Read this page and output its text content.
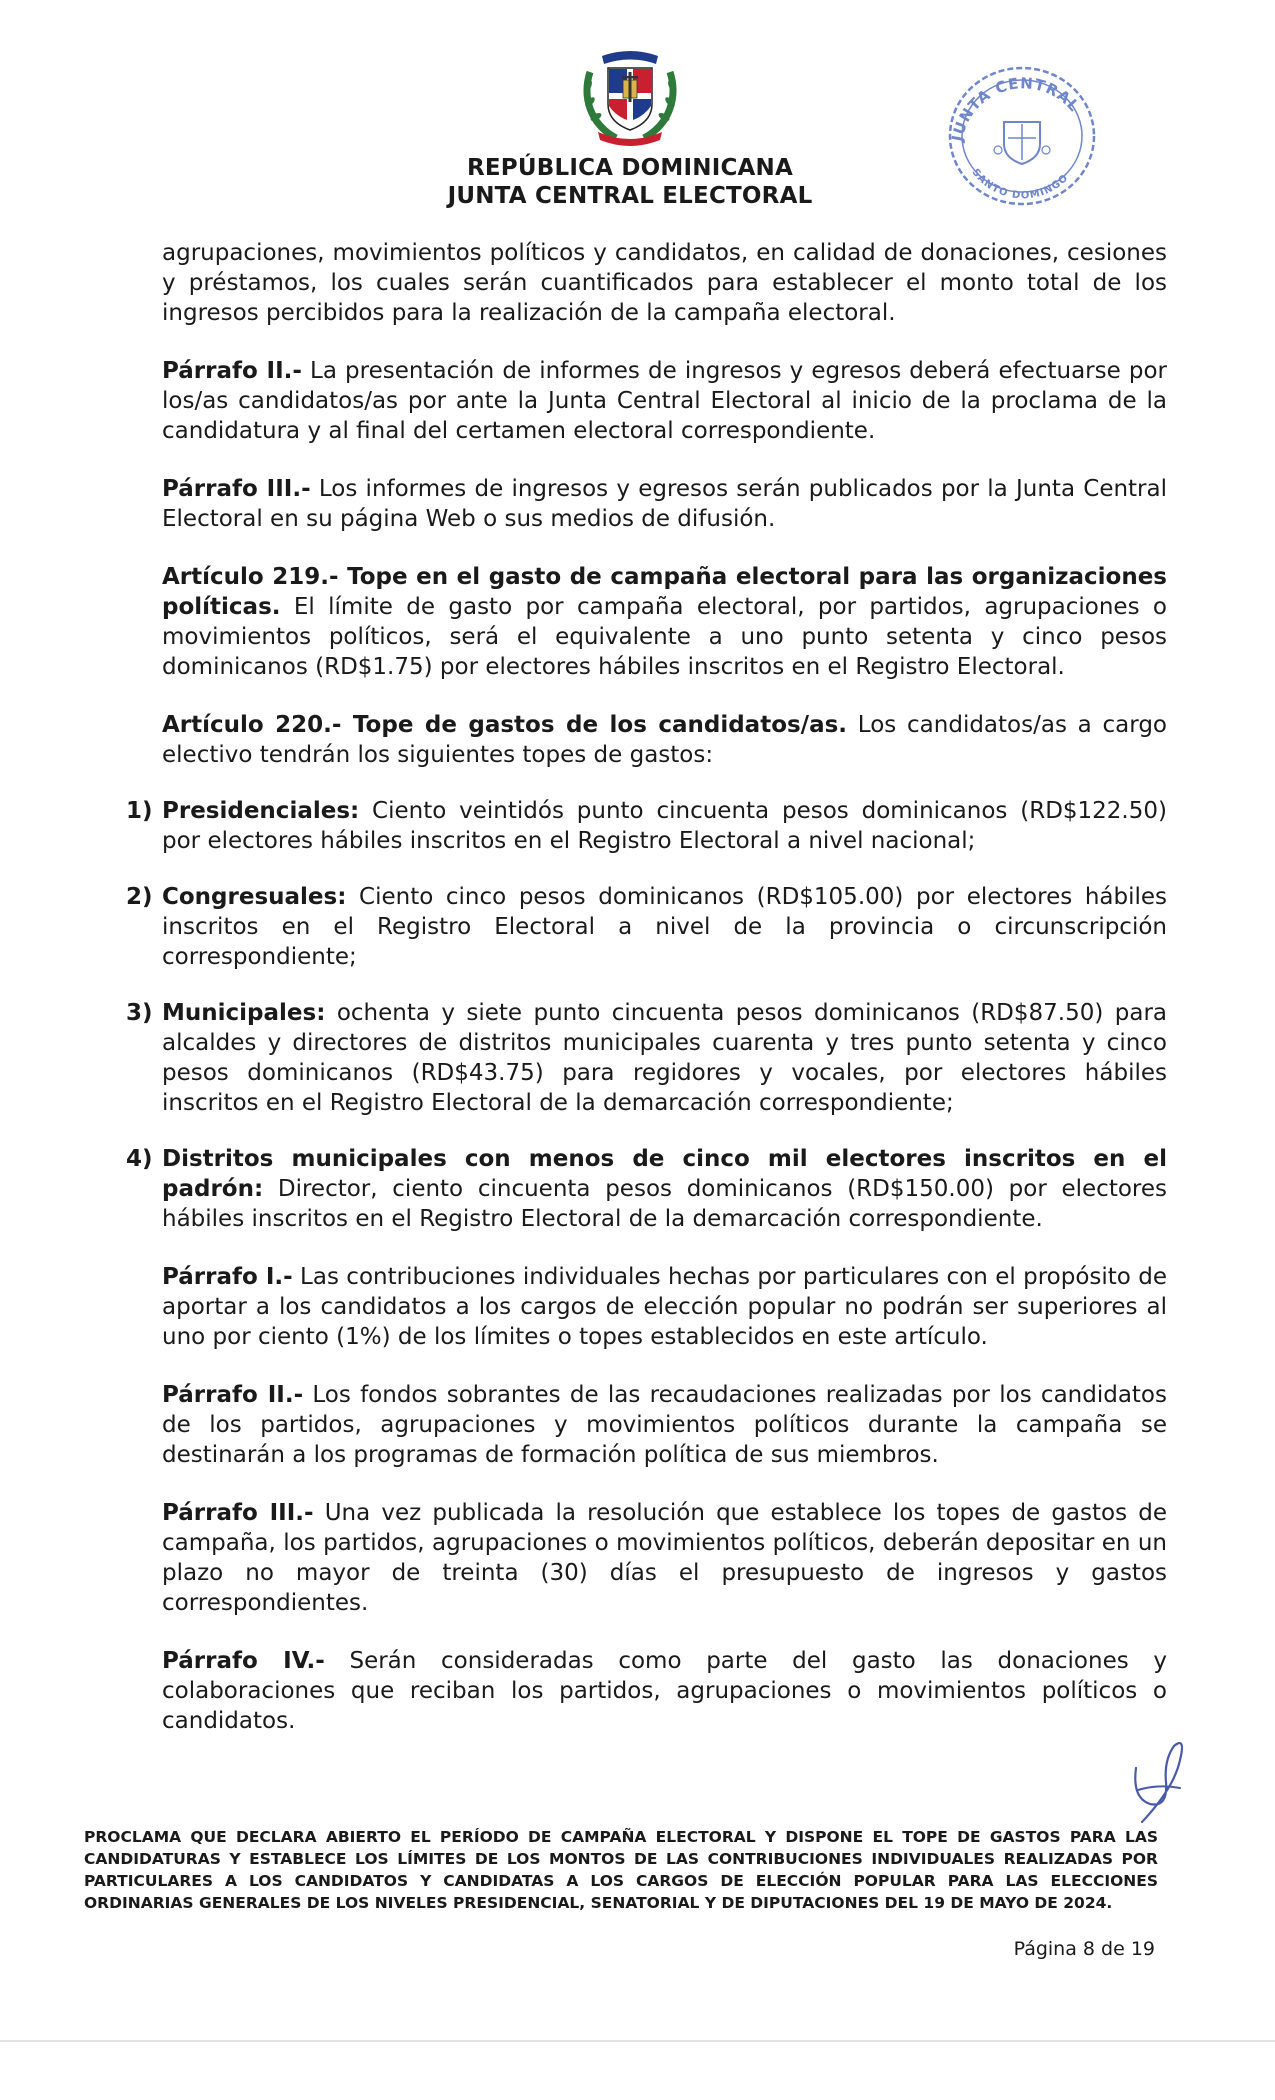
REPÚBLICA DOMINICANA
JUNTA CENTRAL ELECTORAL
JUNTA CENTRAL
SANTO DOMINGO

agrupaciones, movimientos políticos y candidatos, en calidad de donaciones, cesiones y préstamos, los cuales serán cuantificados para establecer el monto total de los ingresos percibidos para la realización de la campaña electoral.

Párrafo II.- La presentación de informes de ingresos y egresos deberá efectuarse por los/as candidatos/as por ante la Junta Central Electoral al inicio de la proclama de la candidatura y al final del certamen electoral correspondiente.

Párrafo III.- Los informes de ingresos y egresos serán publicados por la Junta Central Electoral en su página Web o sus medios de difusión.

Artículo 219.- Tope en el gasto de campaña electoral para las organizaciones políticas. El límite de gasto por campaña electoral, por partidos, agrupaciones o movimientos políticos, será el equivalente a uno punto setenta y cinco pesos dominicanos (RD$1.75) por electores hábiles inscritos en el Registro Electoral.

Artículo 220.- Tope de gastos de los candidatos/as. Los candidatos/as a cargo electivo tendrán los siguientes topes de gastos:

1) Presidenciales: Ciento veintidós punto cincuenta pesos dominicanos (RD$122.50) por electores hábiles inscritos en el Registro Electoral a nivel nacional;
2) Congresuales: Ciento cinco pesos dominicanos (RD$105.00) por electores hábiles inscritos en el Registro Electoral a nivel de la provincia o circunscripción correspondiente;
3) Municipales: ochenta y siete punto cincuenta pesos dominicanos (RD$87.50) para alcaldes y directores de distritos municipales cuarenta y tres punto setenta y cinco pesos dominicanos (RD$43.75) para regidores y vocales, por electores hábiles inscritos en el Registro Electoral de la demarcación correspondiente;
4) Distritos municipales con menos de cinco mil electores inscritos en el padrón: Director, ciento cincuenta pesos dominicanos (RD$150.00) por electores hábiles inscritos en el Registro Electoral de la demarcación correspondiente.

Párrafo I.- Las contribuciones individuales hechas por particulares con el propósito de aportar a los candidatos a los cargos de elección popular no podrán ser superiores al uno por ciento (1%) de los límites o topes establecidos en este artículo.

Párrafo II.- Los fondos sobrantes de las recaudaciones realizadas por los candidatos de los partidos, agrupaciones y movimientos políticos durante la campaña se destinarán a los programas de formación política de sus miembros.

Párrafo III.- Una vez publicada la resolución que establece los topes de gastos de campaña, los partidos, agrupaciones o movimientos políticos, deberán depositar en un plazo no mayor de treinta (30) días el presupuesto de ingresos y gastos correspondientes.

Párrafo IV.- Serán consideradas como parte del gasto las donaciones y colaboraciones que reciban los partidos, agrupaciones o movimientos políticos o candidatos.

PROCLAMA QUE DECLARA ABIERTO EL PERÍODO DE CAMPAÑA ELECTORAL Y DISPONE EL TOPE DE GASTOS PARA LAS CANDIDATURAS Y ESTABLECE LOS LÍMITES DE LOS MONTOS DE LAS CONTRIBUCIONES INDIVIDUALES REALIZADAS POR PARTICULARES A LOS CANDIDATOS Y CANDIDATAS A LOS CARGOS DE ELECCIÓN POPULAR PARA LAS ELECCIONES ORDINARIAS GENERALES DE LOS NIVELES PRESIDENCIAL, SENATORIAL Y DE DIPUTACIONES DEL 19 DE MAYO DE 2024.
Página 8 de 19
